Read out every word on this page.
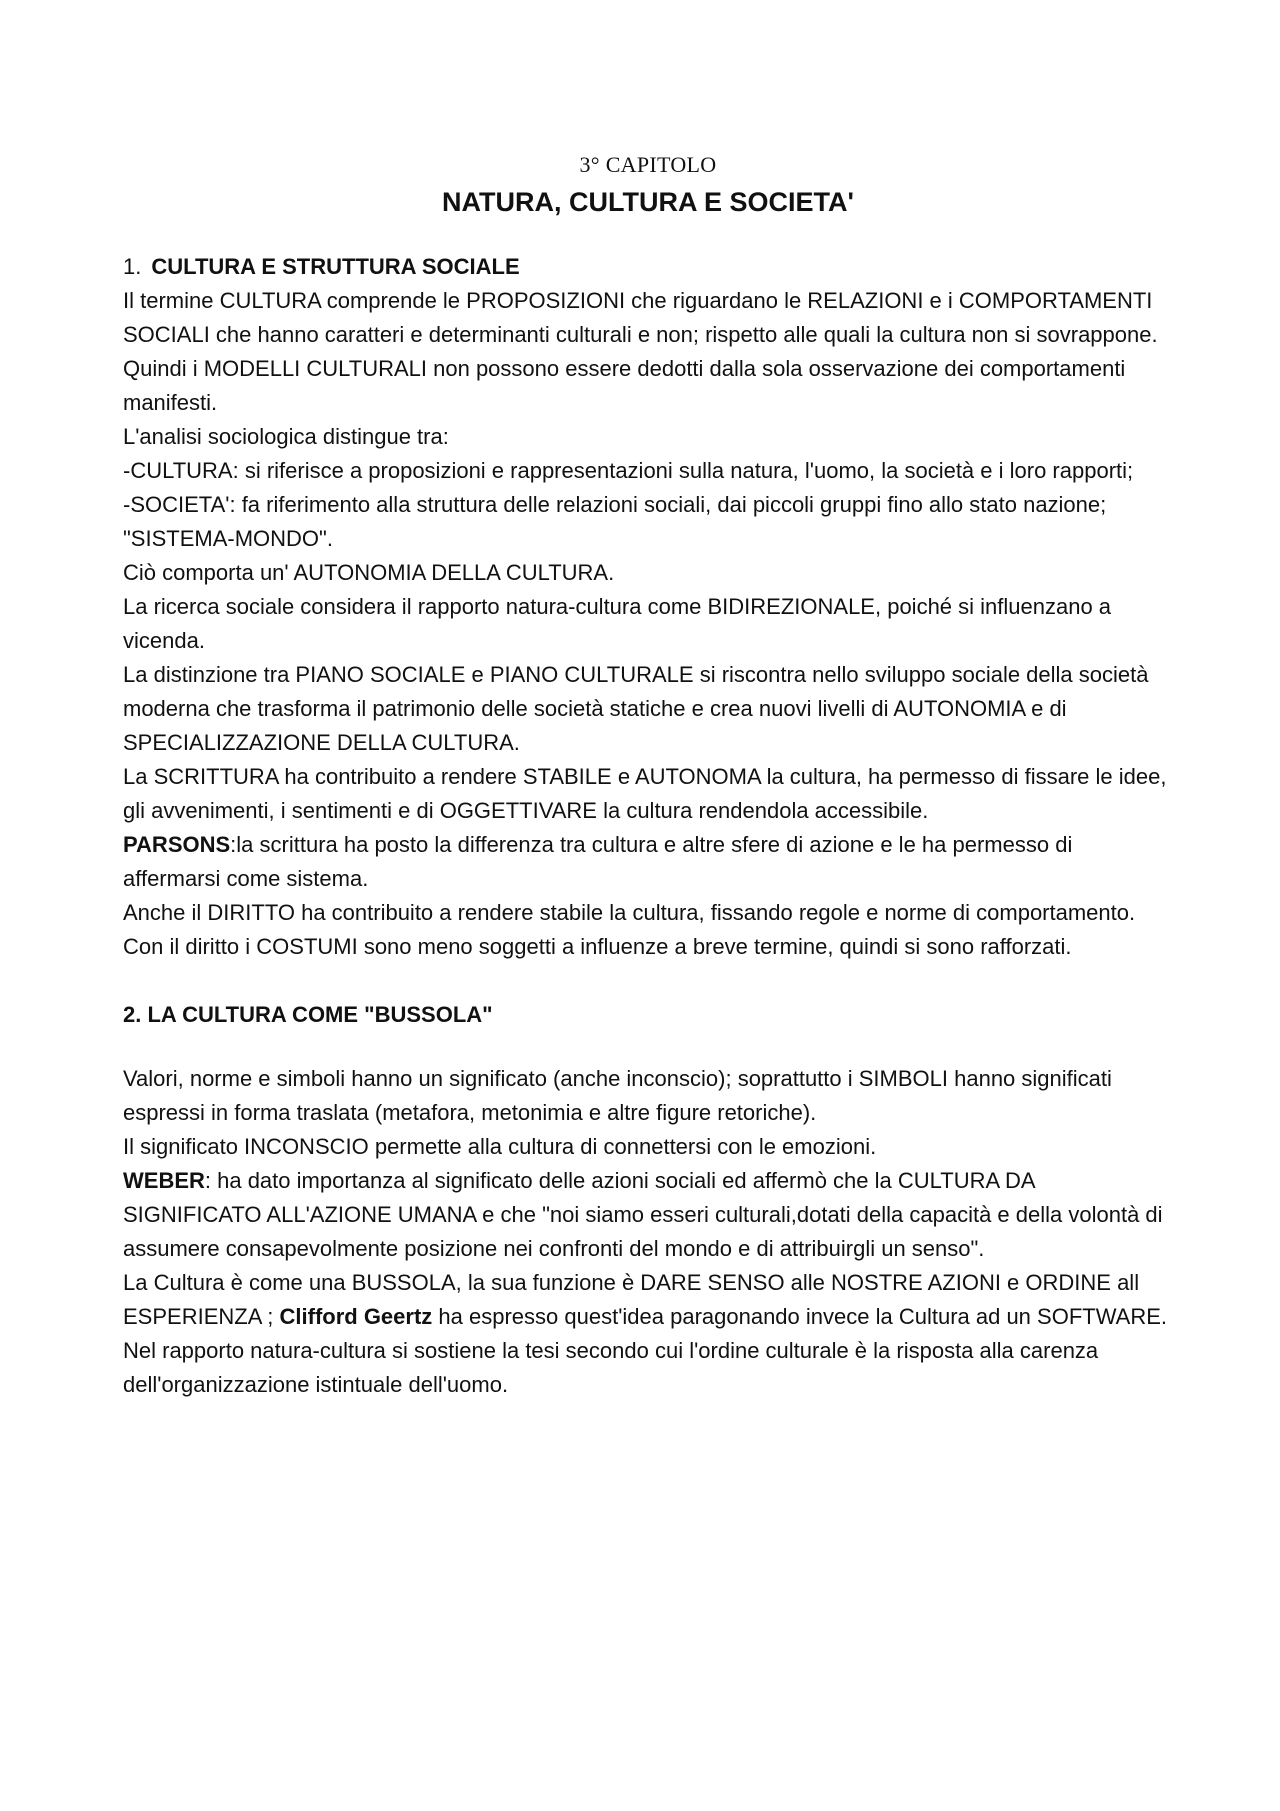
3° CAPITOLO

NATURA, CULTURA E SOCIETA'

1. CULTURA E STRUTTURA SOCIALE

Il termine CULTURA comprende le PROPOSIZIONI che riguardano le RELAZIONI e i COMPORTAMENTI SOCIALI che hanno caratteri e determinanti culturali e non; rispetto alle quali la cultura non si sovrappone.

Quindi i MODELLI CULTURALI non possono essere dedotti dalla sola osservazione dei comportamenti manifesti.

L'analisi sociologica distingue tra:

-CULTURA: si riferisce a proposizioni e rappresentazioni sulla natura, l'uomo, la società e i loro rapporti;

-SOCIETA': fa riferimento alla struttura delle relazioni sociali, dai piccoli gruppi fino allo stato nazione; "SISTEMA-MONDO".

Ciò comporta un' AUTONOMIA DELLA CULTURA.

La ricerca sociale considera il rapporto natura-cultura come BIDIREZIONALE, poiché si influenzano a vicenda.

La distinzione tra PIANO SOCIALE e PIANO CULTURALE si riscontra nello sviluppo sociale della società moderna che trasforma il patrimonio delle società statiche e crea nuovi livelli di AUTONOMIA e di SPECIALIZZAZIONE DELLA CULTURA.

La SCRITTURA ha contribuito a rendere STABILE e AUTONOMA la cultura, ha permesso di fissare le idee, gli avvenimenti, i sentimenti e di OGGETTIVARE la cultura rendendola accessibile.

PARSONS:la scrittura ha posto la differenza tra cultura e altre sfere di azione e le ha permesso di affermarsi come sistema.

Anche il DIRITTO ha contribuito a rendere stabile la cultura, fissando regole e norme di comportamento. Con il diritto i COSTUMI sono meno soggetti a influenze a breve termine, quindi si sono rafforzati.

2. LA CULTURA COME "BUSSOLA"

Valori, norme e simboli hanno un significato (anche inconscio); soprattutto i SIMBOLI hanno significati espressi in forma traslata (metafora, metonimia e altre figure retoriche).

Il significato INCONSCIO permette alla cultura di connettersi con le emozioni.

WEBER: ha dato importanza al significato delle azioni sociali ed affermò che la CULTURA DA SIGNIFICATO ALL'AZIONE UMANA e che "noi siamo esseri culturali,dotati della capacità e della volontà di assumere consapevolmente posizione nei confronti del mondo e di attribuirgli un senso".

La Cultura è come una BUSSOLA, la sua funzione è DARE SENSO alle NOSTRE AZIONI e ORDINE all ESPERIENZA ; Clifford Geertz ha espresso quest'idea paragonando invece la Cultura ad un SOFTWARE.

Nel rapporto natura-cultura si sostiene la tesi secondo cui l'ordine culturale è la risposta alla carenza dell'organizzazione istintuale dell'uomo.
